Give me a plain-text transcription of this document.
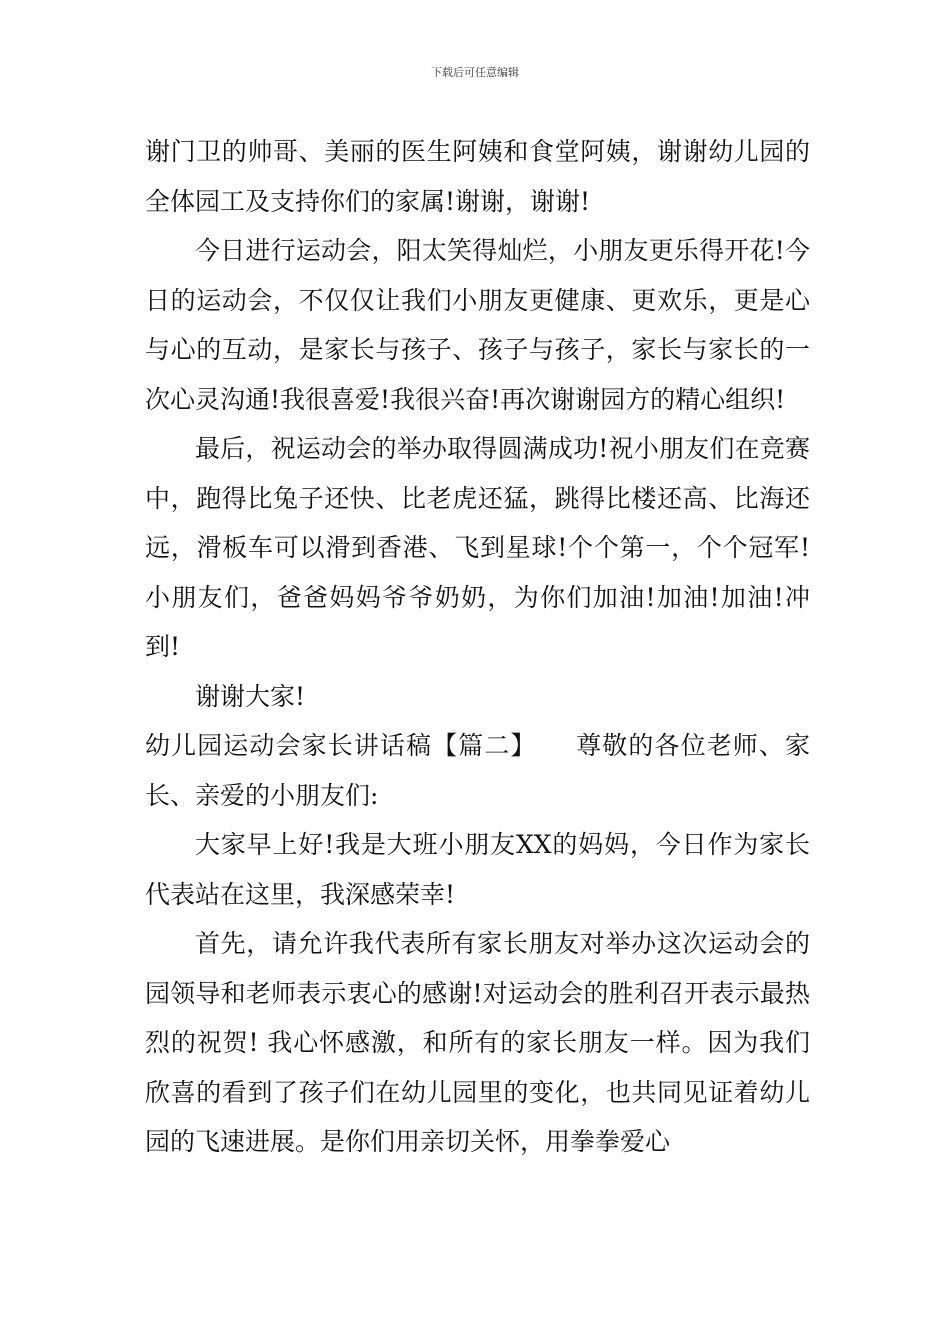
下载后可任意编辑

谢门卫的帅哥、美丽的医生阿姨和食堂阿姨，谢谢幼儿园的全体园工及支持你们的家属!谢谢，谢谢!

今日进行运动会，阳太笑得灿烂，小朋友更乐得开花!今日的运动会，不仅仅让我们小朋友更健康、更欢乐，更是心与心的互动，是家长与孩子、孩子与孩子，家长与家长的一次心灵沟通!我很喜爱!我很兴奋!再次谢谢园方的精心组织!

最后，祝运动会的举办取得圆满成功!祝小朋友们在竞赛中，跑得比兔子还快、比老虎还猛，跳得比楼还高、比海还远，滑板车可以滑到香港、飞到星球!个个第一，个个冠军! 小朋友们，爸爸妈妈爷爷奶奶，为你们加油!加油!加油!冲到!

谢谢大家!

幼儿园运动会家长讲话稿【篇二】　　尊敬的各位老师、家长、亲爱的小朋友们:

大家早上好!我是大班小朋友XX的妈妈，今日作为家长代表站在这里，我深感荣幸!

首先，请允许我代表所有家长朋友对举办这次运动会的园领导和老师表示衷心的感谢!对运动会的胜利召开表示最热烈的祝贺! 我心怀感激，和所有的家长朋友一样。因为我们欣喜的看到了孩子们在幼儿园里的变化，也共同见证着幼儿园的飞速进展。是你们用亲切关怀，用拳拳爱心
